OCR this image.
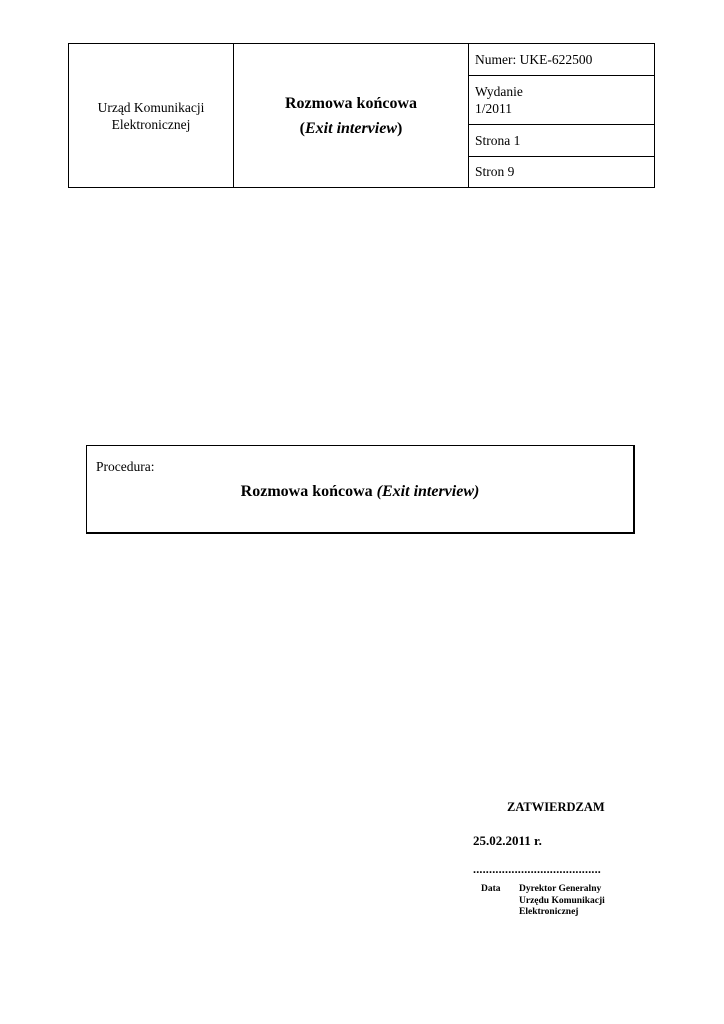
Urząd Komunikacji
Elektronicznej
Rozmowa końcowa
(Exit interview)
Numer: UKE-622500
Wydanie
1/2011
Strona 1
Stron 9
Procedura:
Rozmowa końcowa (Exit interview)
ZATWIERDZAM
25.02.2011 r.
........................................
Data Dyrektor Generalny
Urzędu Komunikacji
Elektronicznej
